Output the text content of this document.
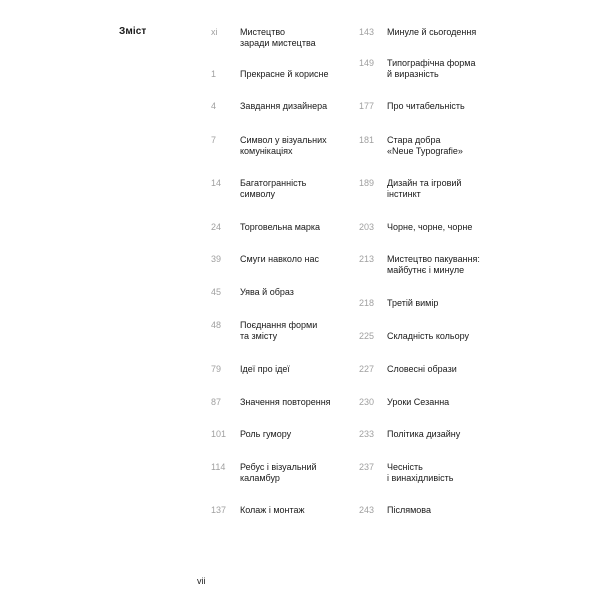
Зміст	xi	Мистецтво
заради мистецтва
1	Прекрасне й корисне
4	Завдання дизайнера
7	Символ у візуальних
комунікаціях
14 Багатогранність
символу
24 Торговельна марка
39 Смуги навколо нас
45 Уява й образ
48 Поєднання форми
та змісту
79 Ідеї про ідеї
87 Значення повторення
101 Роль гумору
114 Ребус і візуальний
каламбур
137 Колаж і монтаж
143 Минуле й сьогодення
149 Типографічна форма
й виразність
177 Про читабельність
181 Стара добра
«Neue Typografie»
189 Дизайн та ігровий
інстинкт
203 Чорне, чорне, чорне
213 Мистецтво пакування:
майбутнє і минуле
218 Третій вимір
225 Складність кольору
227 Словесні образи
230 Уроки Сезанна
233 Політика дизайну
237 Чесність
і винахідливість
243 Післямова
vii
